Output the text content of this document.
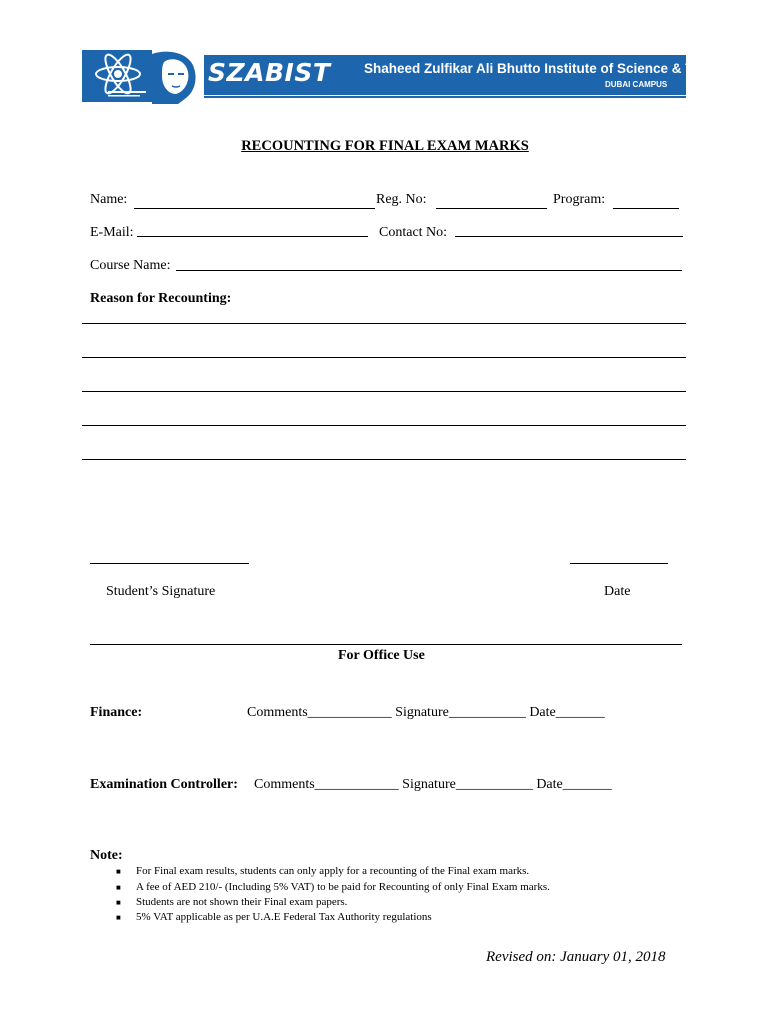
SZABIST Shaheed Zulfikar Ali Bhutto Institute of Science & Technology
DUBAI CAMPUS
RECOUNTING FOR FINAL EXAM MARKS
Name:	Reg. No:	Program:
E-Mail:	Contact No:
Course Name:
Reason for Recounting:
Student’s Signature	Date
For Office Use
Finance:	Comments____________ Signature___________ Date_______
Examination Controller: Comments____________ Signature___________ Date_______
Note:
■ For Final exam results, students can only apply for a recounting of the Final exam marks.
■ A fee of AED 210/- (Including 5% VAT) to be paid for Recounting of only Final Exam marks.
■ Students are not shown their Final exam papers.
■ 5% VAT applicable as per U.A.E Federal Tax Authority regulations
Revised on: January 01, 2018
